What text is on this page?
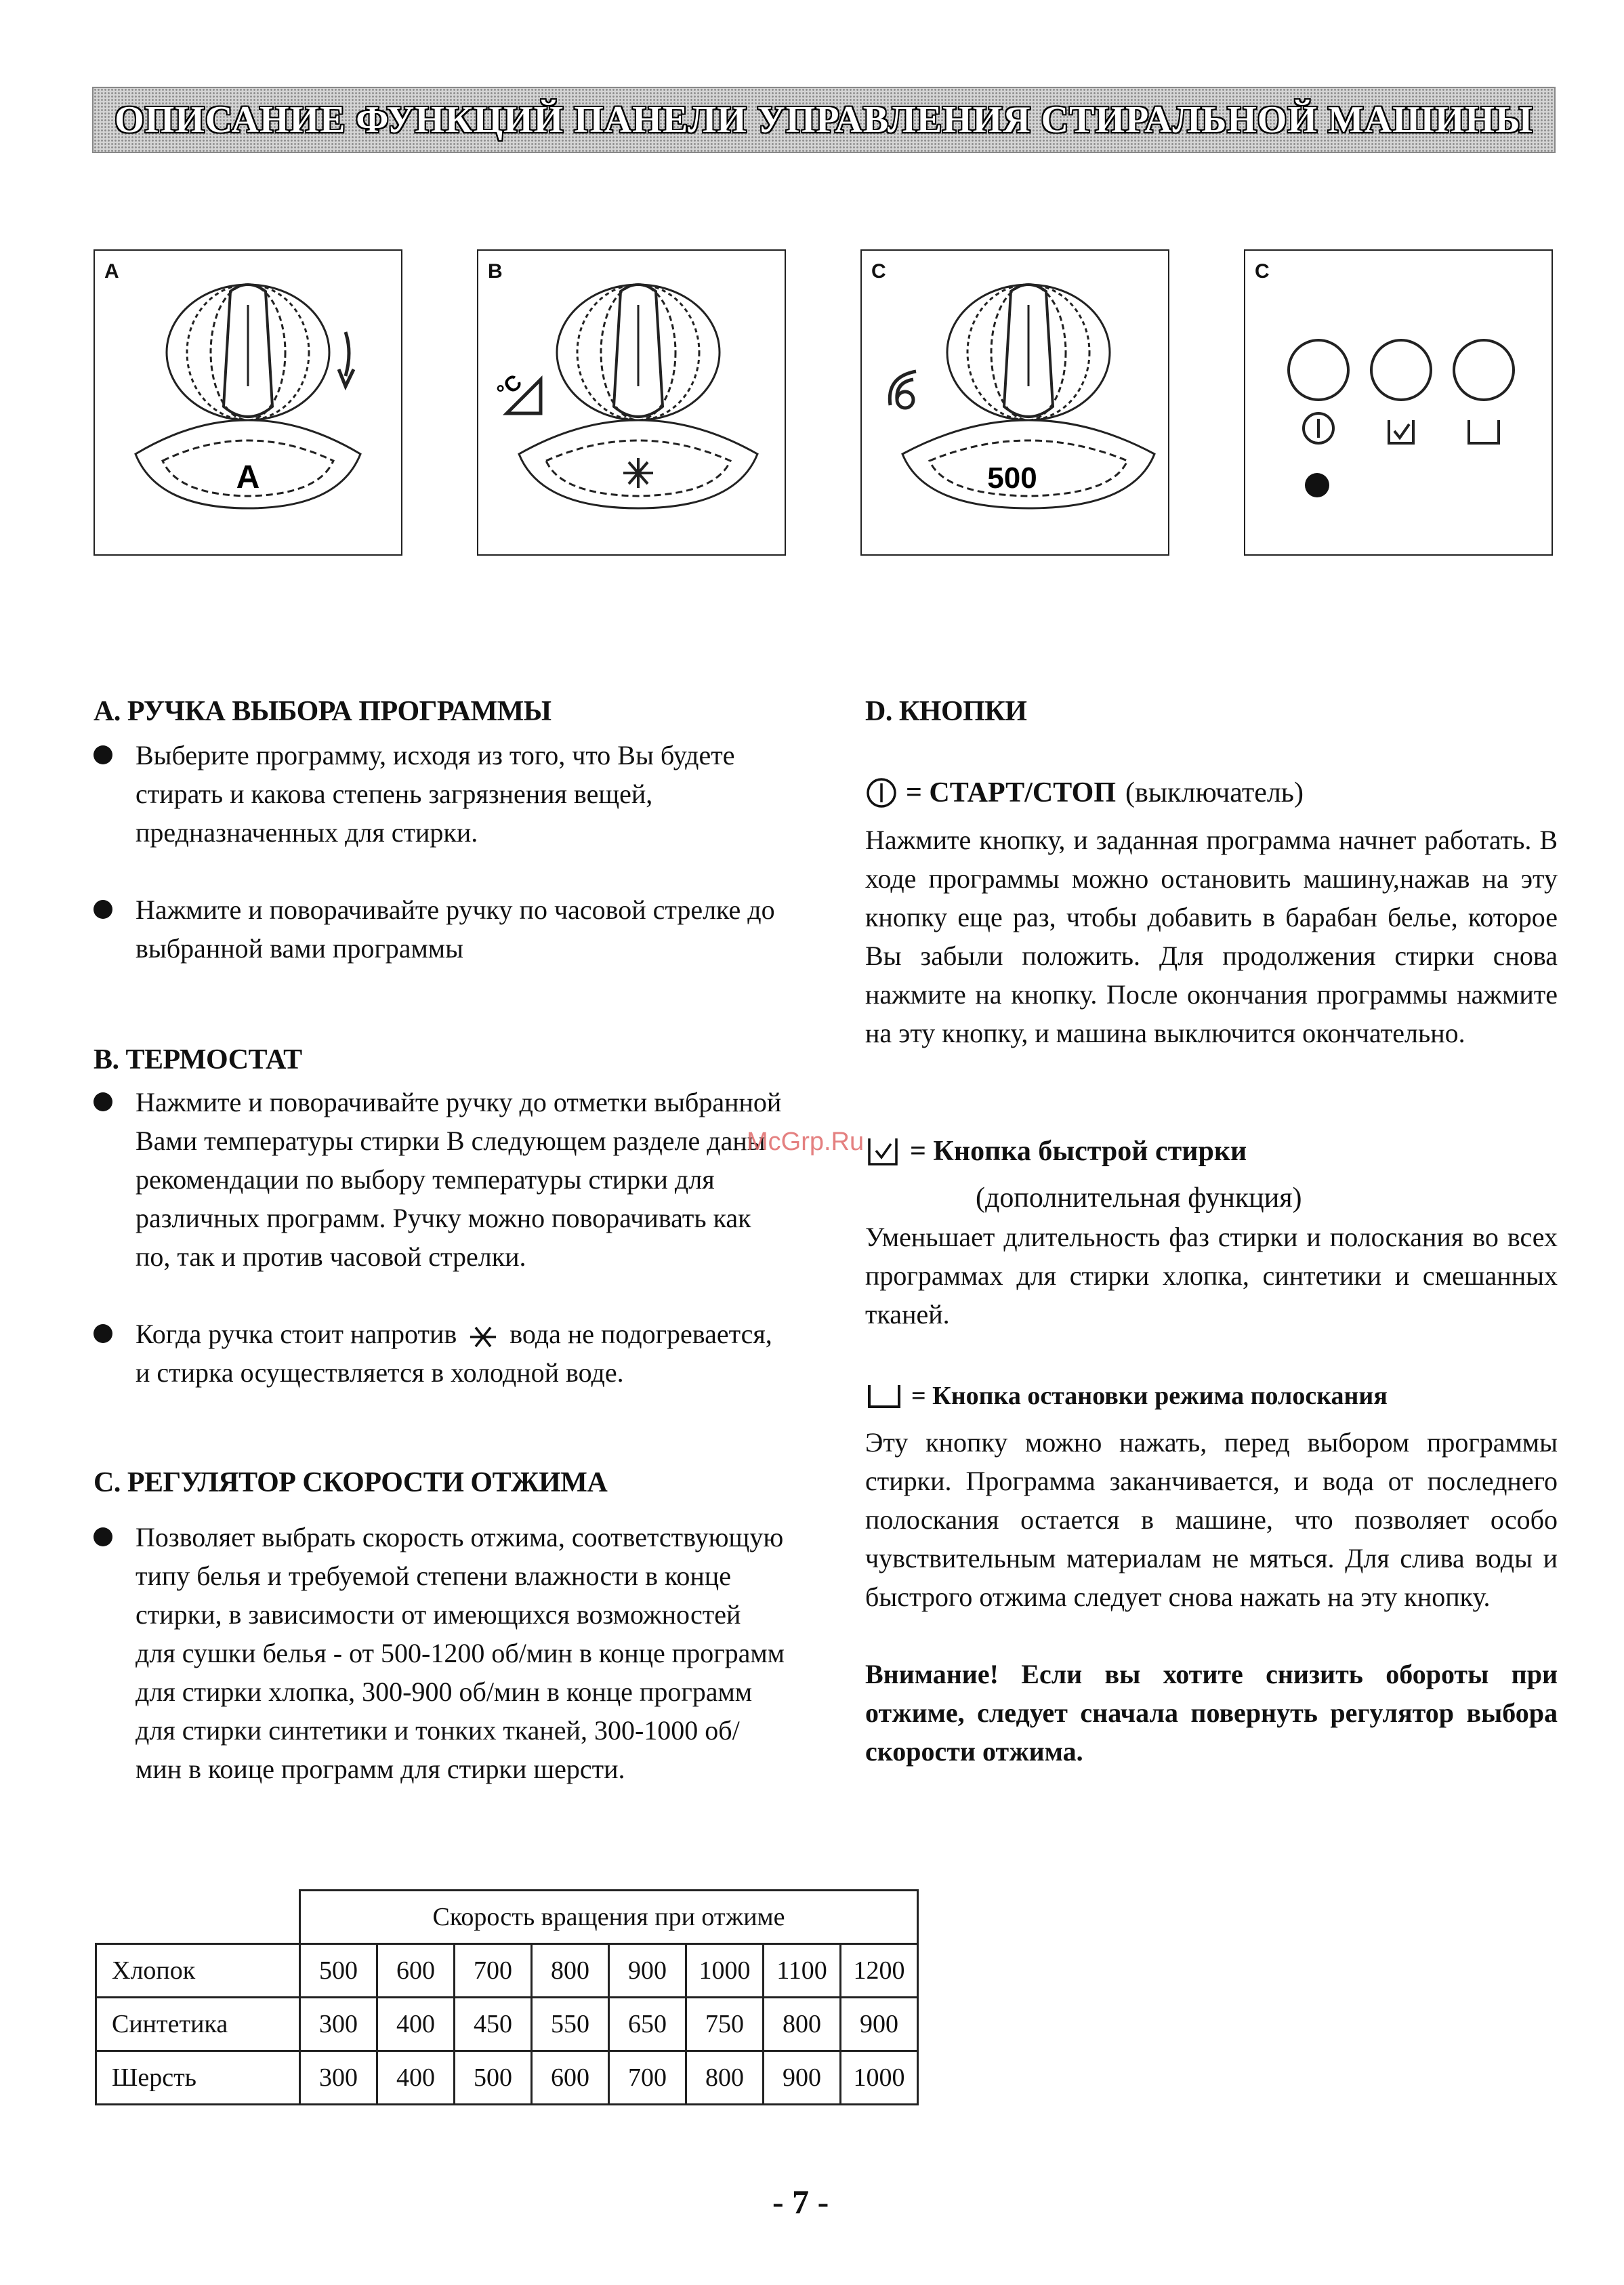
ОПИСАНИЕ ФУНКЦИЙ ПАНЕЛИ УПРАВЛЕНИЯ СТИРАЛЬНОЙ МАШИНЫ
A
A
B
°C
C
500
C
A. РУЧКА ВЫБОРА ПРОГРАММЫ
Выберите программу, исходя из того, что Вы будете стирать и какова степень загрязнения вещей, предназначенных для стирки.
Нажмите и поворачивайте ручку по часовой стрелке до выбранной вами программы
B. ТЕРМОСТАТ
Нажмите и поворачивайте ручку до отметки выбранной Вами температуры стирки В следующем разделе даны рекомендации по выбору температуры стирки для различных программ. Ручку можно поворачивать как по, так и против часовой стрелки.
Когда ручка стоит напротив вода не подогревается, и стирка осуществляется в холодной воде.
C. РЕГУЛЯТОР СКОРОСТИ ОТЖИМА
Позволяет выбрать скорость отжима, соответствующую типу белья и требуемой степени влажности в конце стирки, в зависимости от имеющихся возможностей для сушки белья - от 500-1200 об/мин в конце программ для стирки хлопка, 300-900 об/мин в конце программ для стирки синтетики и тонких тканей, 300-1000 об/мин в коице программ для стирки шерсти.
	Скорость вращения при отжиме							
Хлопок	500	600	700	800	900	1000	1100	1200
Синтетика	300	400	450	550	650	750	800	900
Шерсть	300	400	500	600	700	800	900	1000
D. КНОПКИ
= СТАРТ/СТОП (выключатель)
Нажмите кнопку, и заданная программа начнет работать. В ходе программы можно остановить машину,нажав на эту кнопку еще раз, чтобы добавить в барабан белье, которое Вы забыли положить. Для продолжения стирки снова нажмите на кнопку. После окончания программы нажмите на эту кнопку, и машина выключится окончательно.
= Кнопка быстрой стирки
(дополнительная функция)
Уменьшает длительность фаз стирки и полоскания во всех программах для стирки хлопка, синтетики и смешанных тканей.
= Кнопка остановки режима полоскания
Эту кнопку можно нажать, перед выбором программы стирки. Программа заканчивается, и вода от последнего полоскания остается в машине, что позволяет особо чувствительным материалам не мяться. Для слива воды и быстрого отжима следует снова нажать на эту кнопку.
Внимание! Если вы хотите снизить обороты при отжиме, следует сначала повернуть регулятор выбора скорости отжима.
McGrp.Ru
- 7 -
